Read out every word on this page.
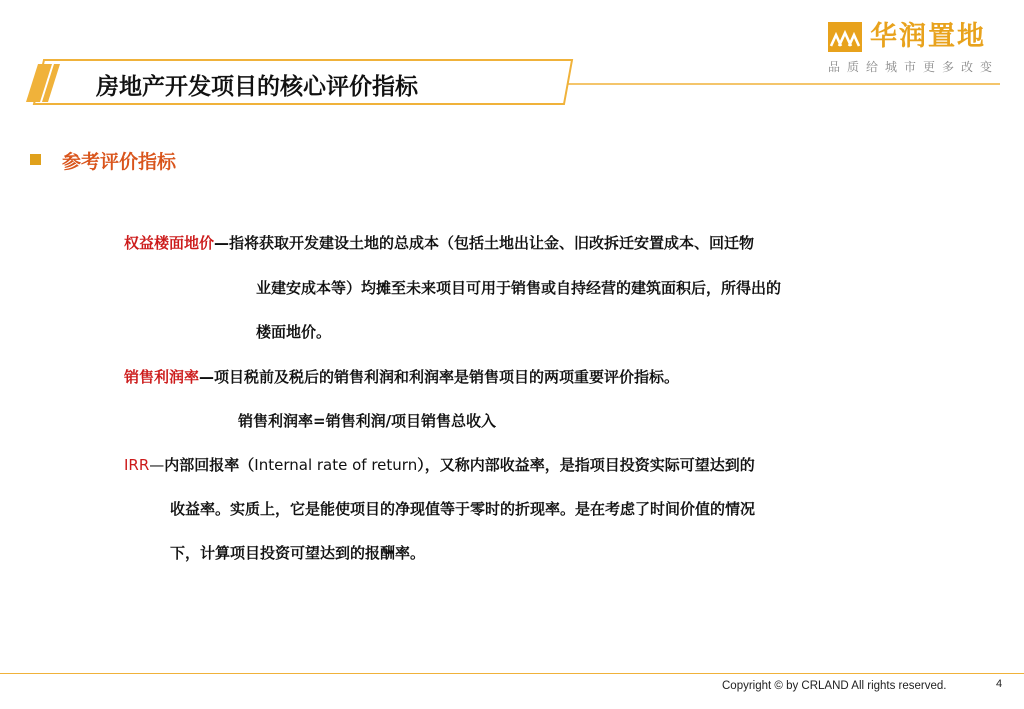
华润置地
品质给城市更多改变
房地产开发项目的核心评价指标
参考评价指标
权益楼面地价—指将获取开发建设土地的总成本（包括土地出让金、旧改拆迁安置成本、回迁物
业建安成本等）均摊至未来项目可用于销售或自持经营的建筑面积后，所得出的
楼面地价。
销售利润率—项目税前及税后的销售利润和利润率是销售项目的两项重要评价指标。
销售利润率=销售利润/项目销售总收入
IRR—内部回报率（Internal rate of return），又称内部收益率，是指项目投资实际可望达到的
收益率。实质上，它是能使项目的净现值等于零时的折现率。是在考虑了时间价值的情况
下，计算项目投资可望达到的报酬率。
Copyright © by CRLAND All rights reserved.	4
